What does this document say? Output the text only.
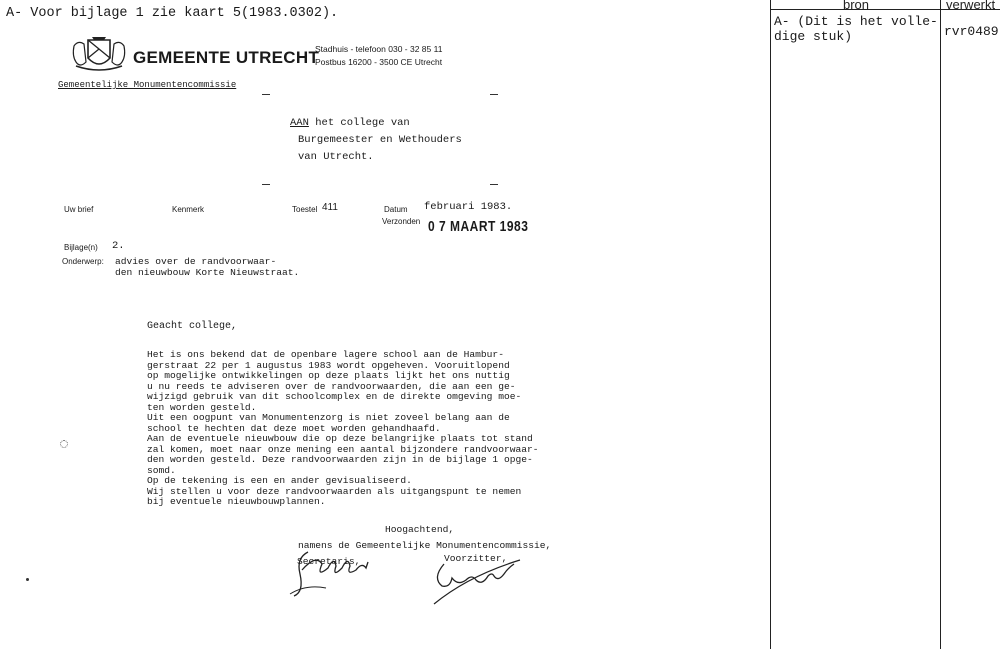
bron	verwerkt
A- (Dit is het volle-
dige stuk)	rvr0489
A- Voor bijlage 1 zie kaart 5(1983.0302).
GEMEENTE UTRECHT
Stadhuis - telefoon 030 - 32 85 11
Postbus 16200 - 3500 CE Utrecht
Gemeentelijke Monumentencommissie
AAN het college van
Burgemeester en Wethouders
van Utrecht.
Uw brief	Kenmerk	Toestel 411	Datum februari 1983.
Verzonden 0 7 MAART 1983
Bijlage(n) 2.
Onderwerp: advies over de randvoorwaar-
den nieuwbouw Korte Nieuwstraat.
Geacht college,
Het is ons bekend dat de openbare lagere school aan de Hambur-
gerstraat 22 per 1 augustus 1983 wordt opgeheven. Vooruitlopend
op mogelijke ontwikkelingen op deze plaats lijkt het ons nuttig
u nu reeds te adviseren over de randvoorwaarden, die aan een ge-
wijzigd gebruik van dit schoolcomplex en de direkte omgeving moe-
ten worden gesteld.
Uit een oogpunt van Monumentenzorg is niet zoveel belang aan de
school te hechten dat deze moet worden gehandhaafd.
Aan de eventuele nieuwbouw die op deze belangrijke plaats tot stand
zal komen, moet naar onze mening een aantal bijzondere randvoorwaar-
den worden gesteld. Deze randvoorwaarden zijn in de bijlage 1 opge-
somd.
Op de tekening is een en ander gevisualiseerd.
Wij stellen u voor deze randvoorwaarden als uitgangspunt te nemen
bij eventuele nieuwbouwplannen.
Hoogachtend,
namens de Gemeentelijke Monumentencommissie,
Secretaris,	Voorzitter,
